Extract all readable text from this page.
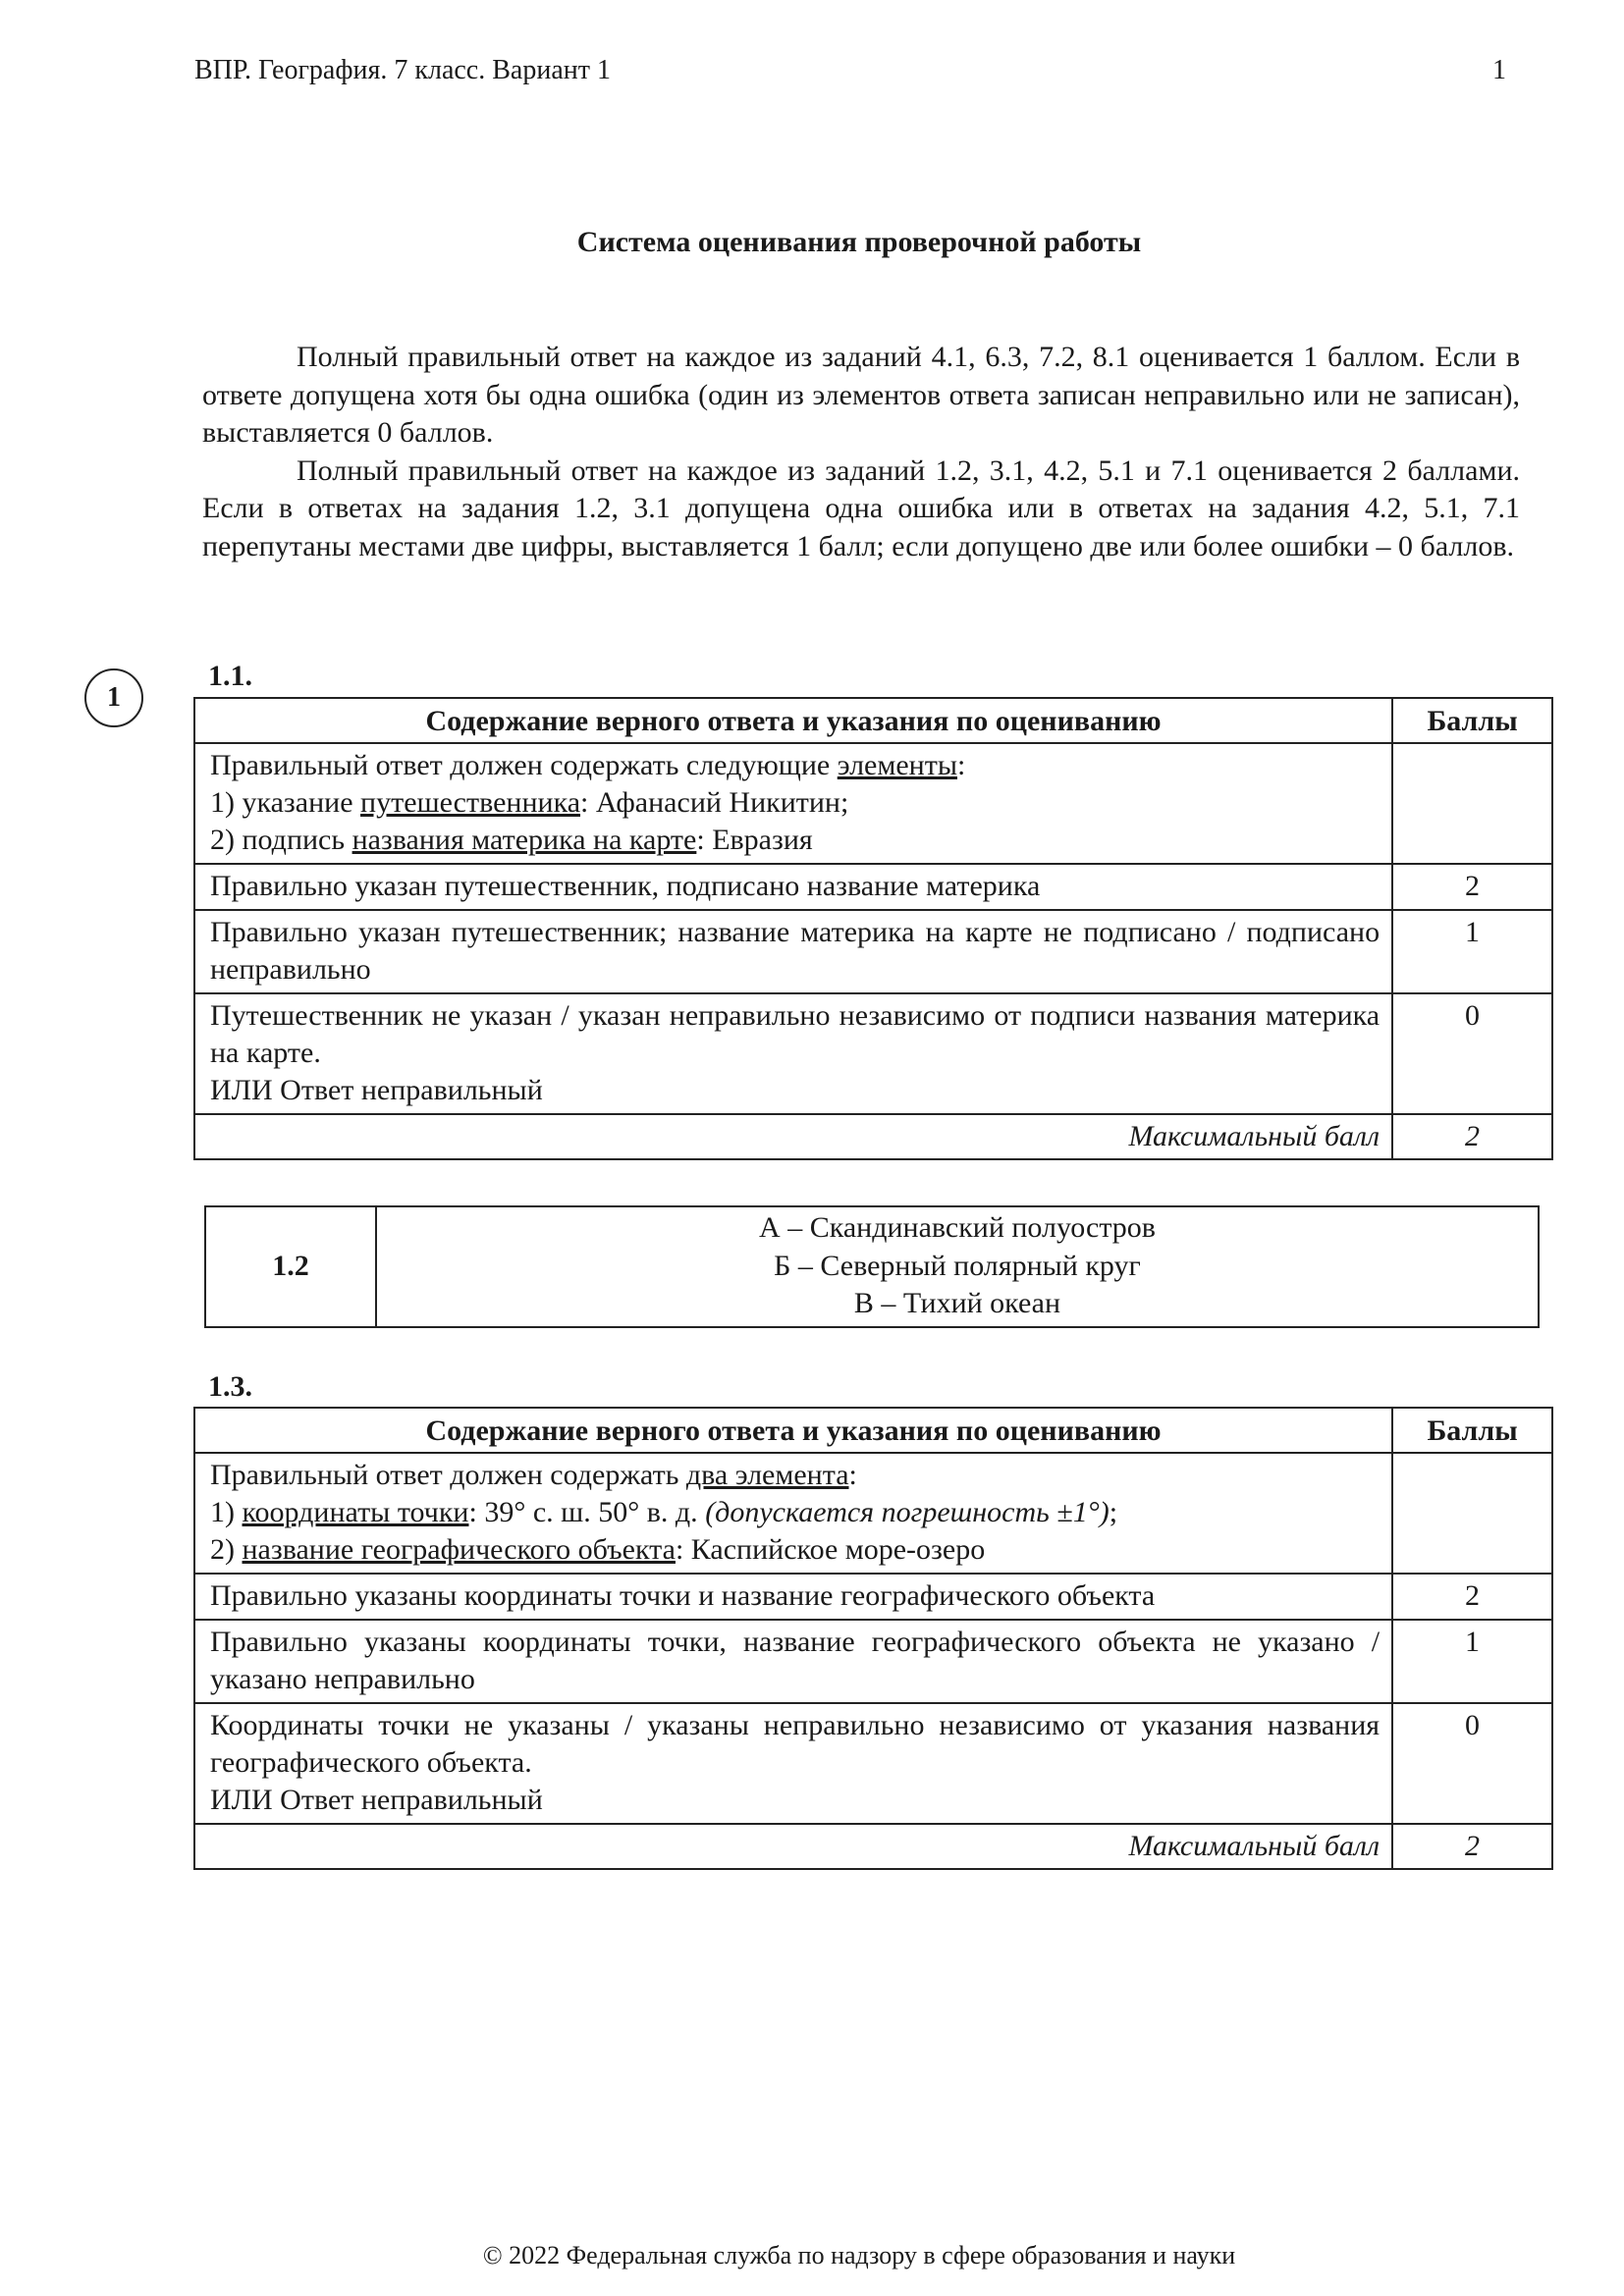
ВПР. География. 7 класс. Вариант 1	1
Система оценивания проверочной работы

Полный правильный ответ на каждое из заданий 4.1, 6.3, 7.2, 8.1 оценивается 1 баллом. Если в ответе допущена хотя бы одна ошибка (один из элементов ответа записан неправильно или не записан), выставляется 0 баллов.

Полный правильный ответ на каждое из заданий 1.2, 3.1, 4.2, 5.1 и 7.1 оценивается 2 баллами. Если в ответах на задания 1.2, 3.1 допущена одна ошибка или в ответах на задания 4.2, 5.1, 7.1 перепутаны местами две цифры, выставляется 1 балл; если допущено две или более ошибки – 0 баллов.

1
1.1.
Содержание верного ответа и указания по оцениванию	Баллы
Правильный ответ должен содержать следующие элементы:
1) указание путешественника: Афанасий Никитин;
2) подпись названия материка на карте: Евразия	
Правильно указан путешественник, подписано название материка	2
Правильно указан путешественник; название материка на карте не подписано / подписано неправильно	1
Путешественник не указан / указан неправильно независимо от подписи названия материка на карте.
ИЛИ Ответ неправильный	0
Максимальный балл	2
1.2	
А – Скандинавский полуостров
Б – Северный полярный круг
В – Тихий океан
1.3.
Содержание верного ответа и указания по оцениванию	Баллы
Правильный ответ должен содержать два элемента:
1) координаты точки: 39° с. ш. 50° в. д. (допускается погрешность ±1°);
2) название географического объекта: Каспийское море-озеро	
Правильно указаны координаты точки и название географического объекта	2
Правильно указаны координаты точки, название географического объекта не указано / указано неправильно	1
Координаты точки не указаны / указаны неправильно независимо от указания названия географического объекта.
ИЛИ Ответ неправильный	0
Максимальный балл	2
© 2022 Федеральная служба по надзору в сфере образования и науки
